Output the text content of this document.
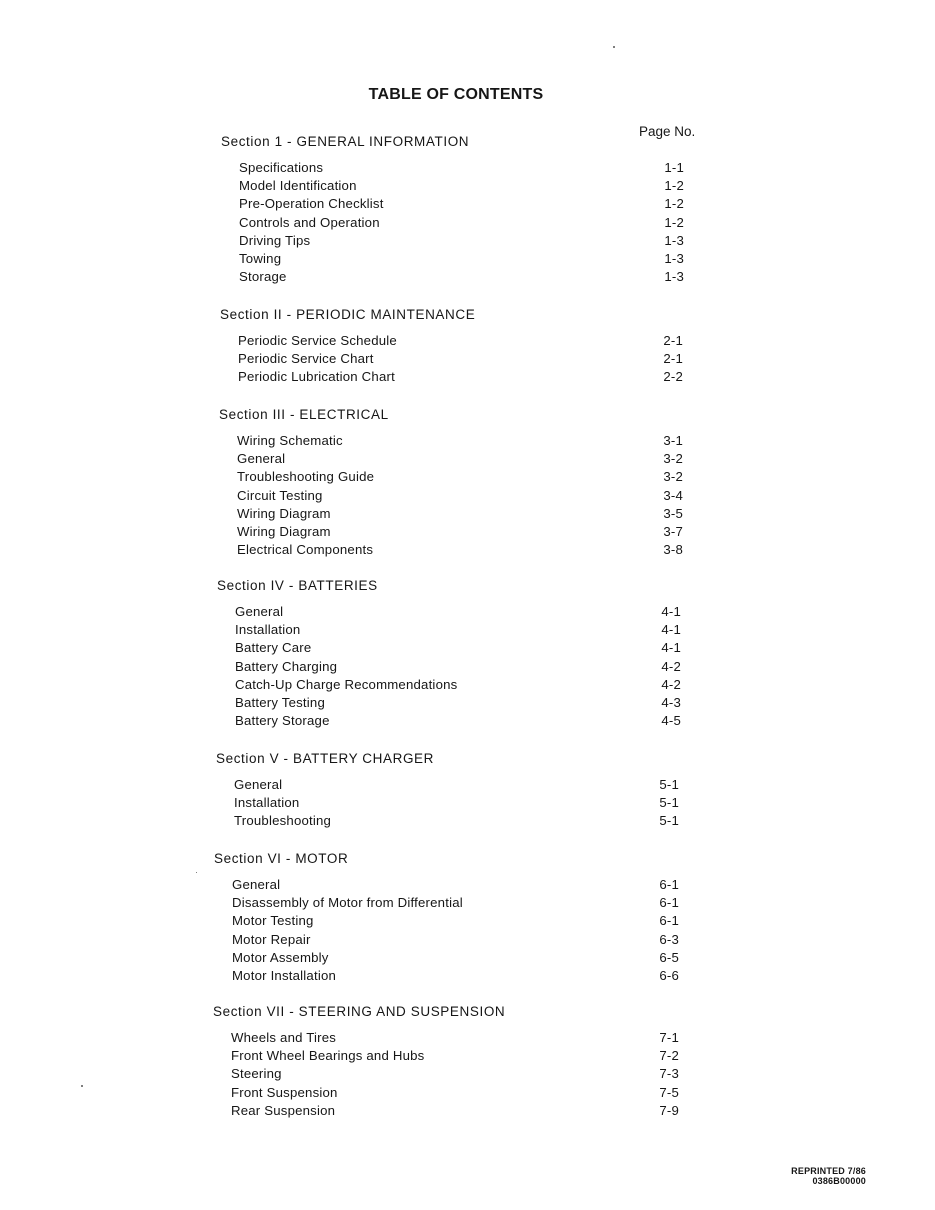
TABLE OF CONTENTS
Page No.
Section 1 - GENERAL INFORMATION
Specifications	1-1
Model Identification	1-2
Pre-Operation Checklist	1-2
Controls and Operation	1-2
Driving Tips	1-3
Towing	1-3
Storage	1-3
Section II - PERIODIC MAINTENANCE
Periodic Service Schedule	2-1
Periodic Service Chart	2-1
Periodic Lubrication Chart	2-2
Section III - ELECTRICAL
Wiring Schematic	3-1
General	3-2
Troubleshooting Guide	3-2
Circuit Testing	3-4
Wiring Diagram	3-5
Wiring Diagram	3-7
Electrical Components	3-8
Section IV - BATTERIES
General	4-1
Installation	4-1
Battery Care	4-1
Battery Charging	4-2
Catch-Up Charge Recommendations	4-2
Battery Testing	4-3
Battery Storage	4-5
Section V - BATTERY CHARGER
General	5-1
Installation	5-1
Troubleshooting	5-1
Section VI - MOTOR
General	6-1
Disassembly of Motor from Differential	6-1
Motor Testing	6-1
Motor Repair	6-3
Motor Assembly	6-5
Motor Installation	6-6
Section VII - STEERING AND SUSPENSION
Wheels and Tires	7-1
Front Wheel Bearings and Hubs	7-2
Steering	7-3
Front Suspension	7-5
Rear Suspension	7-9
REPRINTED 7/86
0386B00000
